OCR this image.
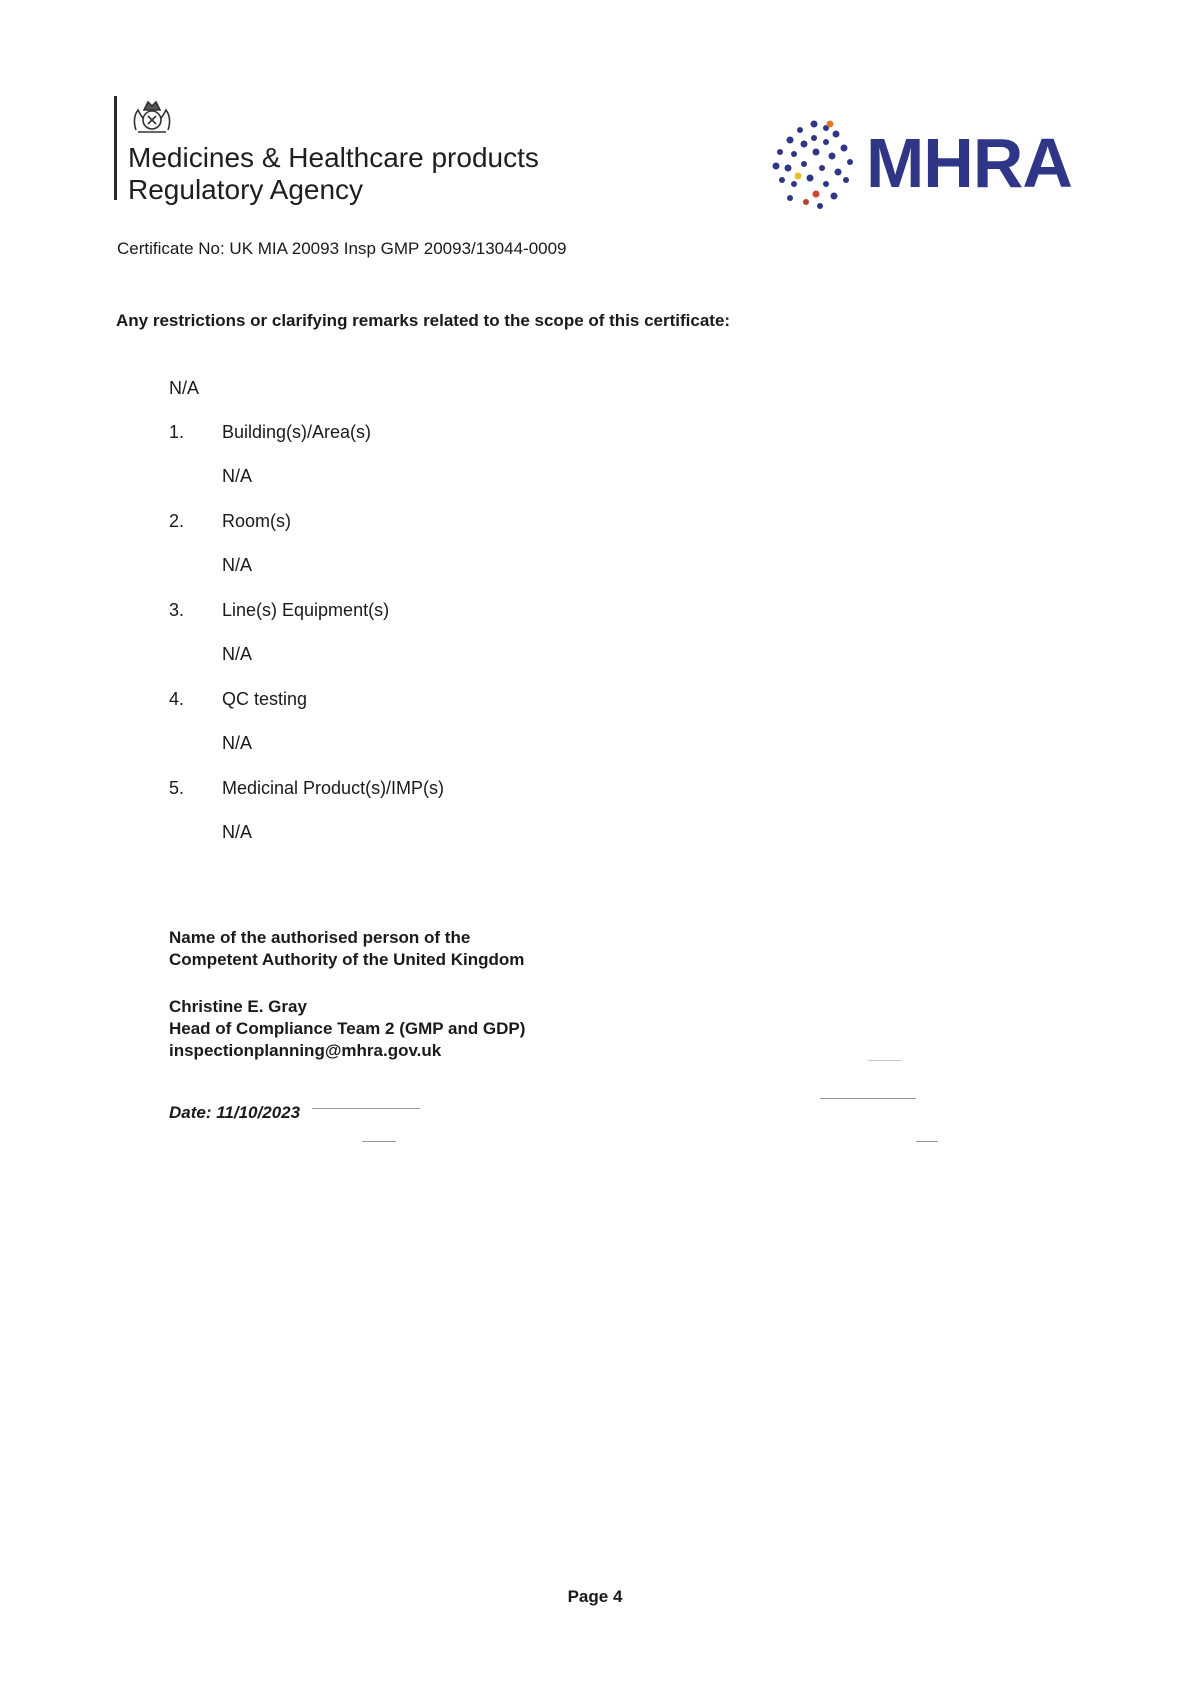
Medicines & Healthcare products
Regulatory Agency	MHRA
Certificate No: UK MIA 20093 Insp GMP 20093/13044-0009
Any restrictions or clarifying remarks related to the scope of this certificate:
N/A
1. Building(s)/Area(s)
N/A
2. Room(s)
N/A
3. Line(s) Equipment(s)
N/A
4. QC testing
N/A
5. Medicinal Product(s)/IMP(s)
N/A
Name of the authorised person of the
Competent Authority of the United Kingdom
Christine E. Gray
Head of Compliance Team 2 (GMP and GDP)
inspectionplanning@mhra.gov.uk
Date: 11/10/2023
Page 4
